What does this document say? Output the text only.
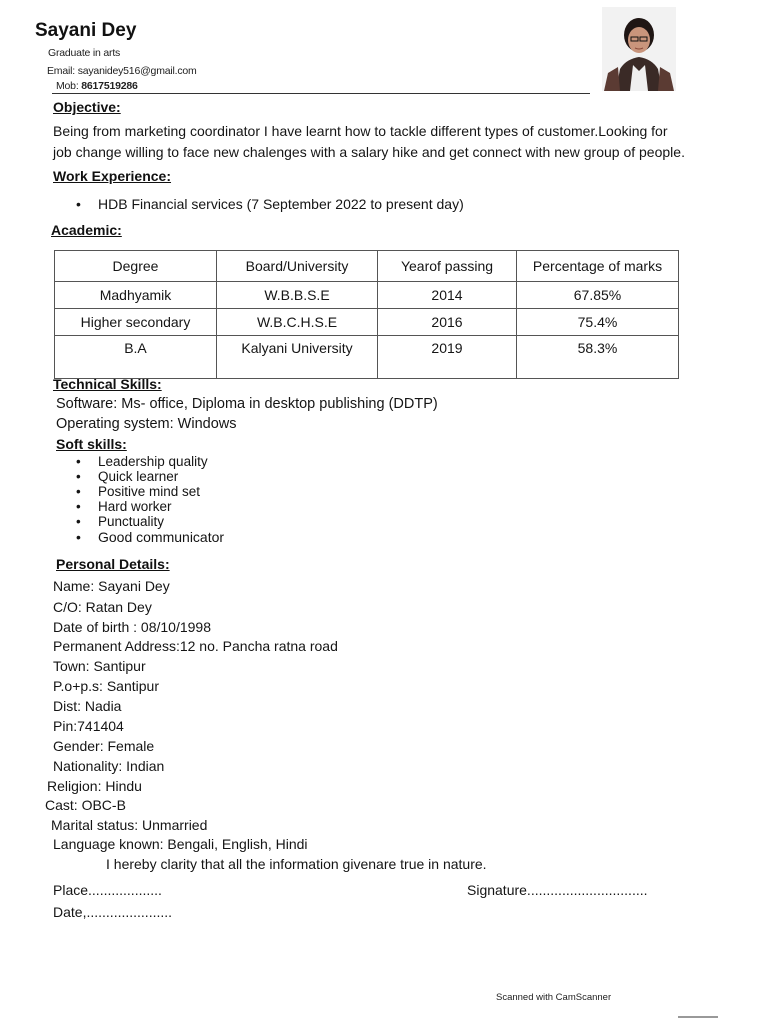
Sayani Dey
Graduate in arts
Email: sayanidey516@gmail.com
Mob: 8617519286
Objective:
Being from marketing coordinator I have learnt how to tackle different types of customer.Looking for
job change willing to face new chalenges with a salary hike and get connect with new group of people.
Work Experience:
• HDB Financial services (7 September 2022 to present day)
Academic:
Degree	Board/University	Yearof passing	Percentage of marks
Madhyamik	W.B.B.S.E	2014	67.85%
Higher secondary	W.B.C.H.S.E	2016	75.4%
B.A	Kalyani University	2019	58.3%
Technical Skills:
Software: Ms- office, Diploma in desktop publishing (DDTP)
Operating system: Windows
Soft skills:
• Leadership quality
• Quick learner
• Positive mind set
• Hard worker
• Punctuality
• Good communicator
Personal Details:
Name: Sayani Dey
C/O: Ratan Dey
Date of birth : 08/10/1998
Permanent Address:12 no. Pancha ratna road
Town: Santipur
P.o+p.s: Santipur
Dist: Nadia
Pin:741404
Gender: Female
Nationality: Indian
Religion: Hindu
Cast: OBC-B
Marital status: Unmarried
Language known: Bengali, English, Hindi
I hereby clarity that all the information givenare true in nature.
Place...................
Date,......................
Signature...............................
Scanned with CamScanner
